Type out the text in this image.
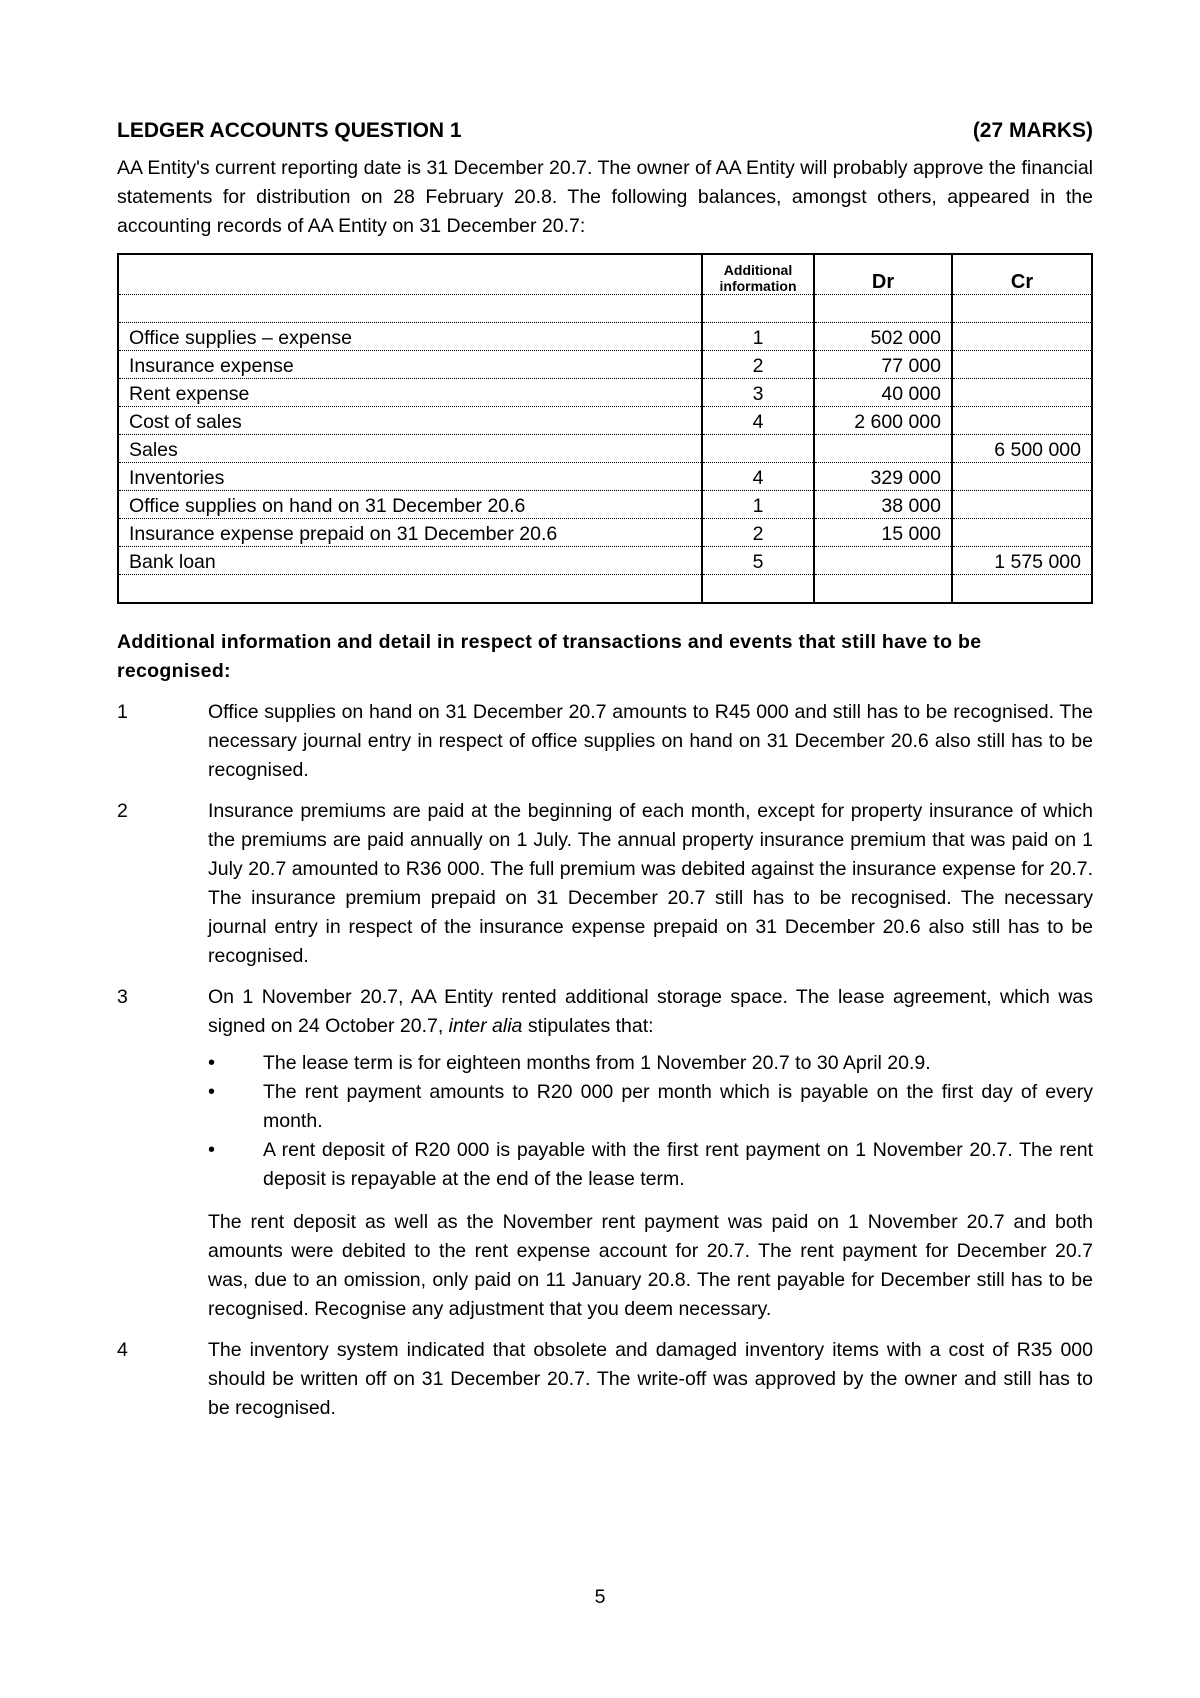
LEDGER ACCOUNTS QUESTION 1	(27 MARKS)
AA Entity's current reporting date is 31 December 20.7. The owner of AA Entity will probably approve the financial statements for distribution on 28 February 20.8. The following balances, amongst others, appeared in the accounting records of AA Entity on 31 December 20.7:

	Additional information	Dr	Cr

Office supplies – expense	1	502 000	
Insurance expense	2	77 000	
Rent expense	3	40 000	
Cost of sales	4	2 600 000	
Sales			6 500 000
Inventories	4	329 000	
Office supplies on hand on 31 December 20.6	1	38 000	
Insurance expense prepaid on 31 December 20.6	2	15 000	
Bank loan	5		1 575 000

Additional information and detail in respect of transactions and events that still have to be recognised:
1	Office supplies on hand on 31 December 20.7 amounts to R45 000 and still has to be recognised. The necessary journal entry in respect of office supplies on hand on 31 December 20.6 also still has to be recognised.
2	Insurance premiums are paid at the beginning of each month, except for property insurance of which the premiums are paid annually on 1 July. The annual property insurance premium that was paid on 1 July 20.7 amounted to R36 000. The full premium was debited against the insurance expense for 20.7. The insurance premium prepaid on 31 December 20.7 still has to be recognised. The necessary journal entry in respect of the insurance expense prepaid on 31 December 20.6 also still has to be recognised.
3	On 1 November 20.7, AA Entity rented additional storage space. The lease agreement, which was signed on 24 October 20.7, inter alia stipulates that:
•	The lease term is for eighteen months from 1 November 20.7 to 30 April 20.9.
•	The rent payment amounts to R20 000 per month which is payable on the first day of every month.
•	A rent deposit of R20 000 is payable with the first rent payment on 1 November 20.7. The rent deposit is repayable at the end of the lease term.
The rent deposit as well as the November rent payment was paid on 1 November 20.7 and both amounts were debited to the rent expense account for 20.7. The rent payment for December 20.7 was, due to an omission, only paid on 11 January 20.8. The rent payable for December still has to be recognised. Recognise any adjustment that you deem necessary.
4	The inventory system indicated that obsolete and damaged inventory items with a cost of R35 000 should be written off on 31 December 20.7. The write-off was approved by the owner and still has to be recognised.
5
